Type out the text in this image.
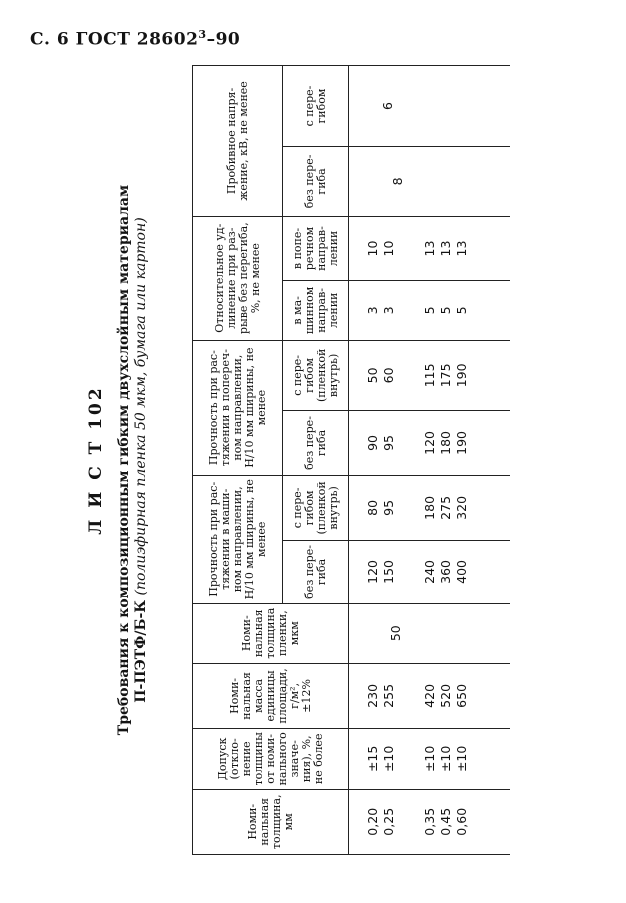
С. 6 ГОСТ 28602$^3$–90
Л И С Т 102 Требования к композиционным гибким двухслойным материалам П-ПЭТФ/Б-К (полиэфирная пленка 50 мкм, бумага или картон)
Номи-нальная толщина, мм	Допуск (откло-нение толщины от номи-нального значе-ния), %, не более	Номи-нальная масса единицы площади, г/м², ±12%	Номи-нальная толщина пленки, мкм	Прочность при рас-тяжении в маши-ном направлении, Н/10 мм ширины, не менее		Прочность при рас-тяжении в попереч-ном направлении, Н/10 мм ширины, не менее		Относительное уд-линение при раз-рыве без перегиба, %, не менее		Пробивное напря-жение, кВ, не менее	
				без пере-гиба	с пере-гибом (пленкой внутрь)	без пере-гиба	с пере-гибом (пленкой внутрь)	в ма-шинном направ-лении	в попе-речном направ-лении	без пере-гиба	с пере-гибом

0,20	±15	230		120	80	90	50	3	10		
0,25	±10	255	50	150	95	95	60	3	10	8	6

0,35	±10	420		240	180	120	115	5	13		
0,45	±10	520		360	275	180	175	5	13		
0,60	±10	650		400	320	190	190	5	13		
